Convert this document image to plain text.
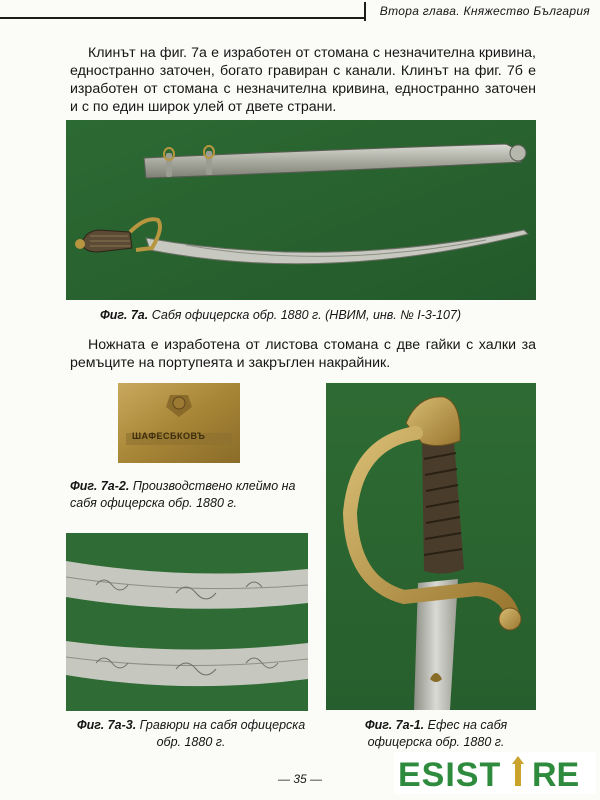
Втора глава. Княжество България
Клинът на фиг. 7а е изработен от стомана с незначителна кривина, едностранно заточен, богато гравиран с канали. Клинът на фиг. 7б е изработен от стомана с незначителна кривина, едностранно заточен и с по един широк улей от двете страни.
Фиг. 7а. Сабя офицерска обр. 1880 г. (НВИМ, инв. № I-3-107)
Ножната е изработена от листова стомана с две гайки с халки за ремъците на портупеята и закръглен накрайник.
ШАФЕСБКОВЪ
Фиг. 7а-2. Производствено клеймо на сабя офицерска обр. 1880 г.
Фиг. 7а-3. Гравюри на сабя офицерска обр. 1880 г.
Фиг. 7а-1. Ефес на сабя офицерска обр. 1880 г.
— 35 —	ESIST RE
